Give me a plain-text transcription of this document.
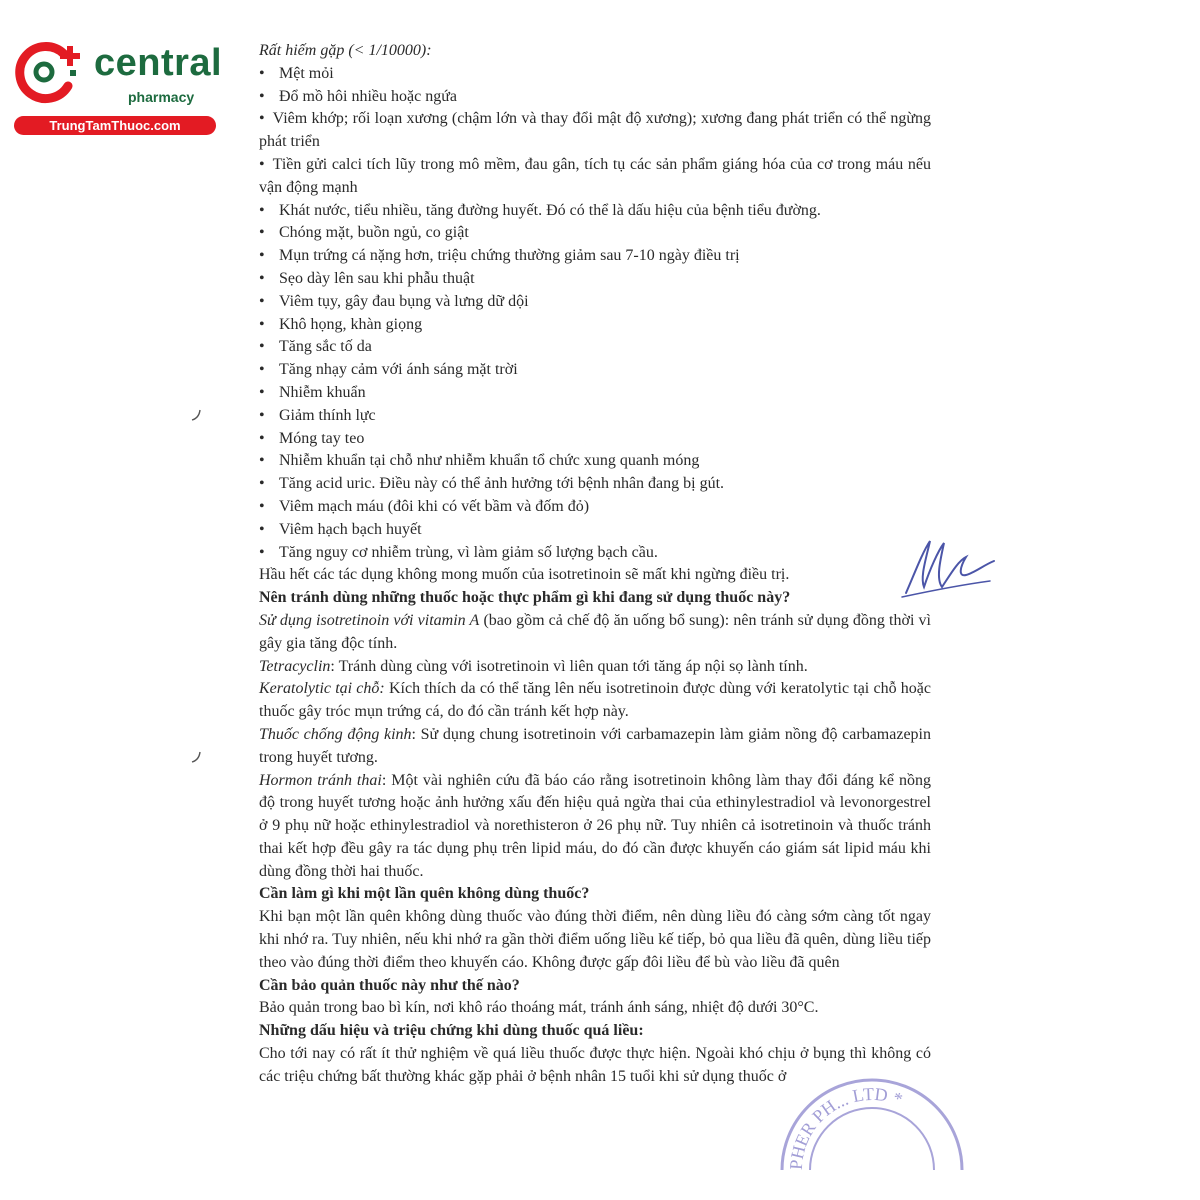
central
pharmacy
TrungTamThuoc.com

Rất hiếm gặp (< 1/10000):

• Mệt mỏi
• Đổ mồ hôi nhiều hoặc ngứa
• Viêm khớp; rối loạn xương (chậm lớn và thay đổi mật độ xương); xương đang phát triển có thể ngừng phát triển
• Tiền gửi calci tích lũy trong mô mềm, đau gân, tích tụ các sản phẩm giáng hóa của cơ trong máu nếu vận động mạnh
• Khát nước, tiểu nhiều, tăng đường huyết. Đó có thể là dấu hiệu của bệnh tiểu đường.
• Chóng mặt, buồn ngủ, co giật
• Mụn trứng cá nặng hơn, triệu chứng thường giảm sau 7-10 ngày điều trị
• Sẹo dày lên sau khi phẫu thuật
• Viêm tụy, gây đau bụng và lưng dữ dội
• Khô họng, khàn giọng
• Tăng sắc tố da
• Tăng nhạy cảm với ánh sáng mặt trời
• Nhiễm khuẩn
• Giảm thính lực
• Móng tay teo
• Nhiễm khuẩn tại chỗ như nhiễm khuẩn tổ chức xung quanh móng
• Tăng acid uric. Điều này có thể ảnh hưởng tới bệnh nhân đang bị gút.
• Viêm mạch máu (đôi khi có vết bầm và đốm đỏ)
• Viêm hạch bạch huyết
• Tăng nguy cơ nhiễm trùng, vì làm giảm số lượng bạch cầu.

Hầu hết các tác dụng không mong muốn của isotretinoin sẽ mất khi ngừng điều trị.

Nên tránh dùng những thuốc hoặc thực phẩm gì khi đang sử dụng thuốc này?

Sử dụng isotretinoin với vitamin A (bao gồm cả chế độ ăn uống bổ sung): nên tránh sử dụng đồng thời vì gây gia tăng độc tính.

Tetracyclin: Tránh dùng cùng với isotretinoin vì liên quan tới tăng áp nội sọ lành tính.

Keratolytic tại chỗ: Kích thích da có thể tăng lên nếu isotretinoin được dùng với keratolytic tại chỗ hoặc thuốc gây tróc mụn trứng cá, do đó cần tránh kết hợp này.

Thuốc chống động kinh: Sử dụng chung isotretinoin với carbamazepin làm giảm nồng độ carbamazepin trong huyết tương.

Hormon tránh thai: Một vài nghiên cứu đã báo cáo rằng isotretinoin không làm thay đổi đáng kể nồng độ trong huyết tương hoặc ảnh hưởng xấu đến hiệu quả ngừa thai của ethinylestradiol và levonorgestrel ở 9 phụ nữ hoặc ethinylestradiol và norethisteron ở 26 phụ nữ. Tuy nhiên cả isotretinoin và thuốc tránh thai kết hợp đều gây ra tác dụng phụ trên lipid máu, do đó cần được khuyến cáo giám sát lipid máu khi dùng đồng thời hai thuốc.

Cần làm gì khi một lần quên không dùng thuốc?

Khi bạn một lần quên không dùng thuốc vào đúng thời điểm, nên dùng liều đó càng sớm càng tốt ngay khi nhớ ra. Tuy nhiên, nếu khi nhớ ra gần thời điểm uống liều kế tiếp, bỏ qua liều đã quên, dùng liều tiếp theo vào đúng thời điểm theo khuyến cáo. Không được gấp đôi liều để bù vào liều đã quên

Cần bảo quản thuốc này như thế nào?

Bảo quản trong bao bì kín, nơi khô ráo thoáng mát, tránh ánh sáng, nhiệt độ dưới 30°C.

Những dấu hiệu và triệu chứng khi dùng thuốc quá liều:

Cho tới nay có rất ít thử nghiệm về quá liều thuốc được thực hiện. Ngoài khó chịu ở bụng thì không có các triệu chứng bất thường khác gặp phải ở bệnh nhân 15 tuổi khi sử dụng thuốc ở

PHER PH... LTD *
